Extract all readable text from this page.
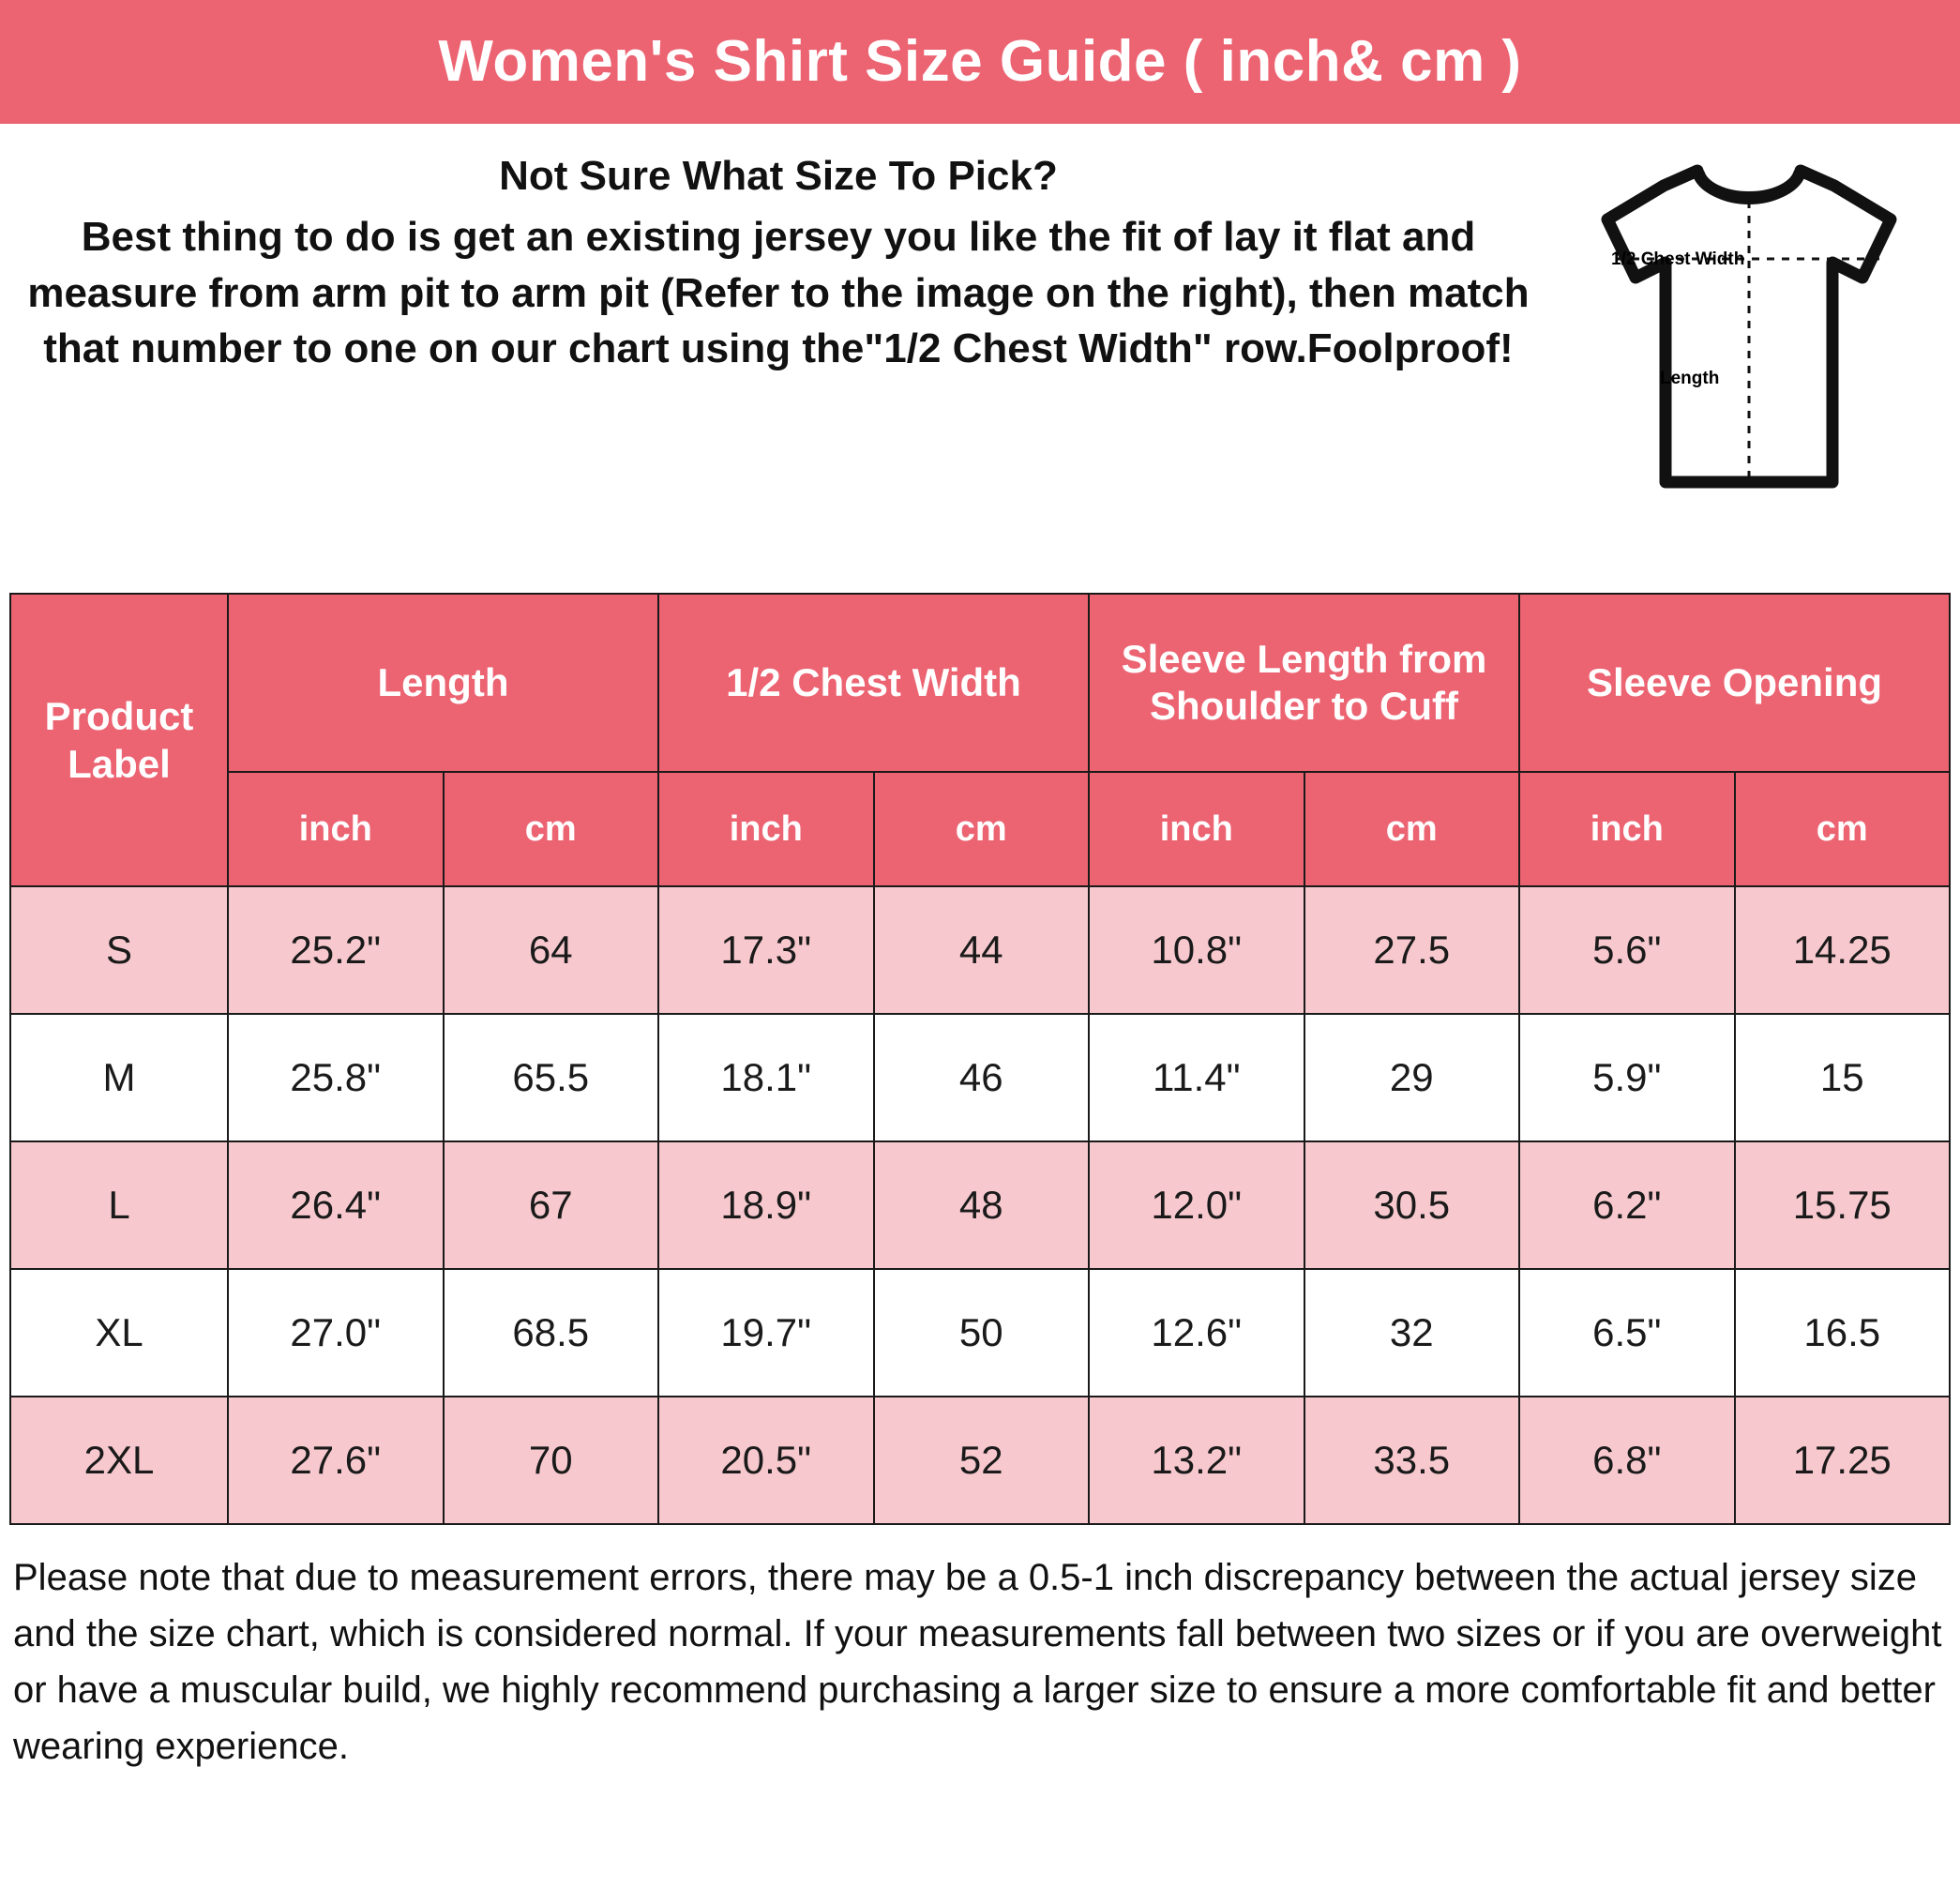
Women's Shirt Size Guide ( inch& cm )

Not Sure What Size To Pick?

Best thing to do is get an existing jersey you like the fit of lay it flat and measure from arm pit to arm pit (Refer to the image on the right), then match that number to one on our chart using the"1/2 Chest Width" row.Foolproof!

1/2 Chest Width
Length
Product Label	Length		1/2 Chest Width		Sleeve Length from Shoulder to Cuff		Sleeve Opening	
	inch	cm	inch	cm	inch	cm	inch	cm
S	25.2"	64	17.3"	44	10.8"	27.5	5.6"	14.25
M	25.8"	65.5	18.1"	46	11.4"	29	5.9"	15
L	26.4"	67	18.9"	48	12.0"	30.5	6.2"	15.75
XL	27.0"	68.5	19.7"	50	12.6"	32	6.5"	16.5
2XL	27.6"	70	20.5"	52	13.2"	33.5	6.8"	17.25
Please note that due to measurement errors, there may be a 0.5-1 inch discrepancy between the actual jersey size and the size chart, which is considered normal. If your measurements fall between two sizes or if you are overweight or have a muscular build, we highly recommend purchasing a larger size to ensure a more comfortable fit and better wearing experience.
